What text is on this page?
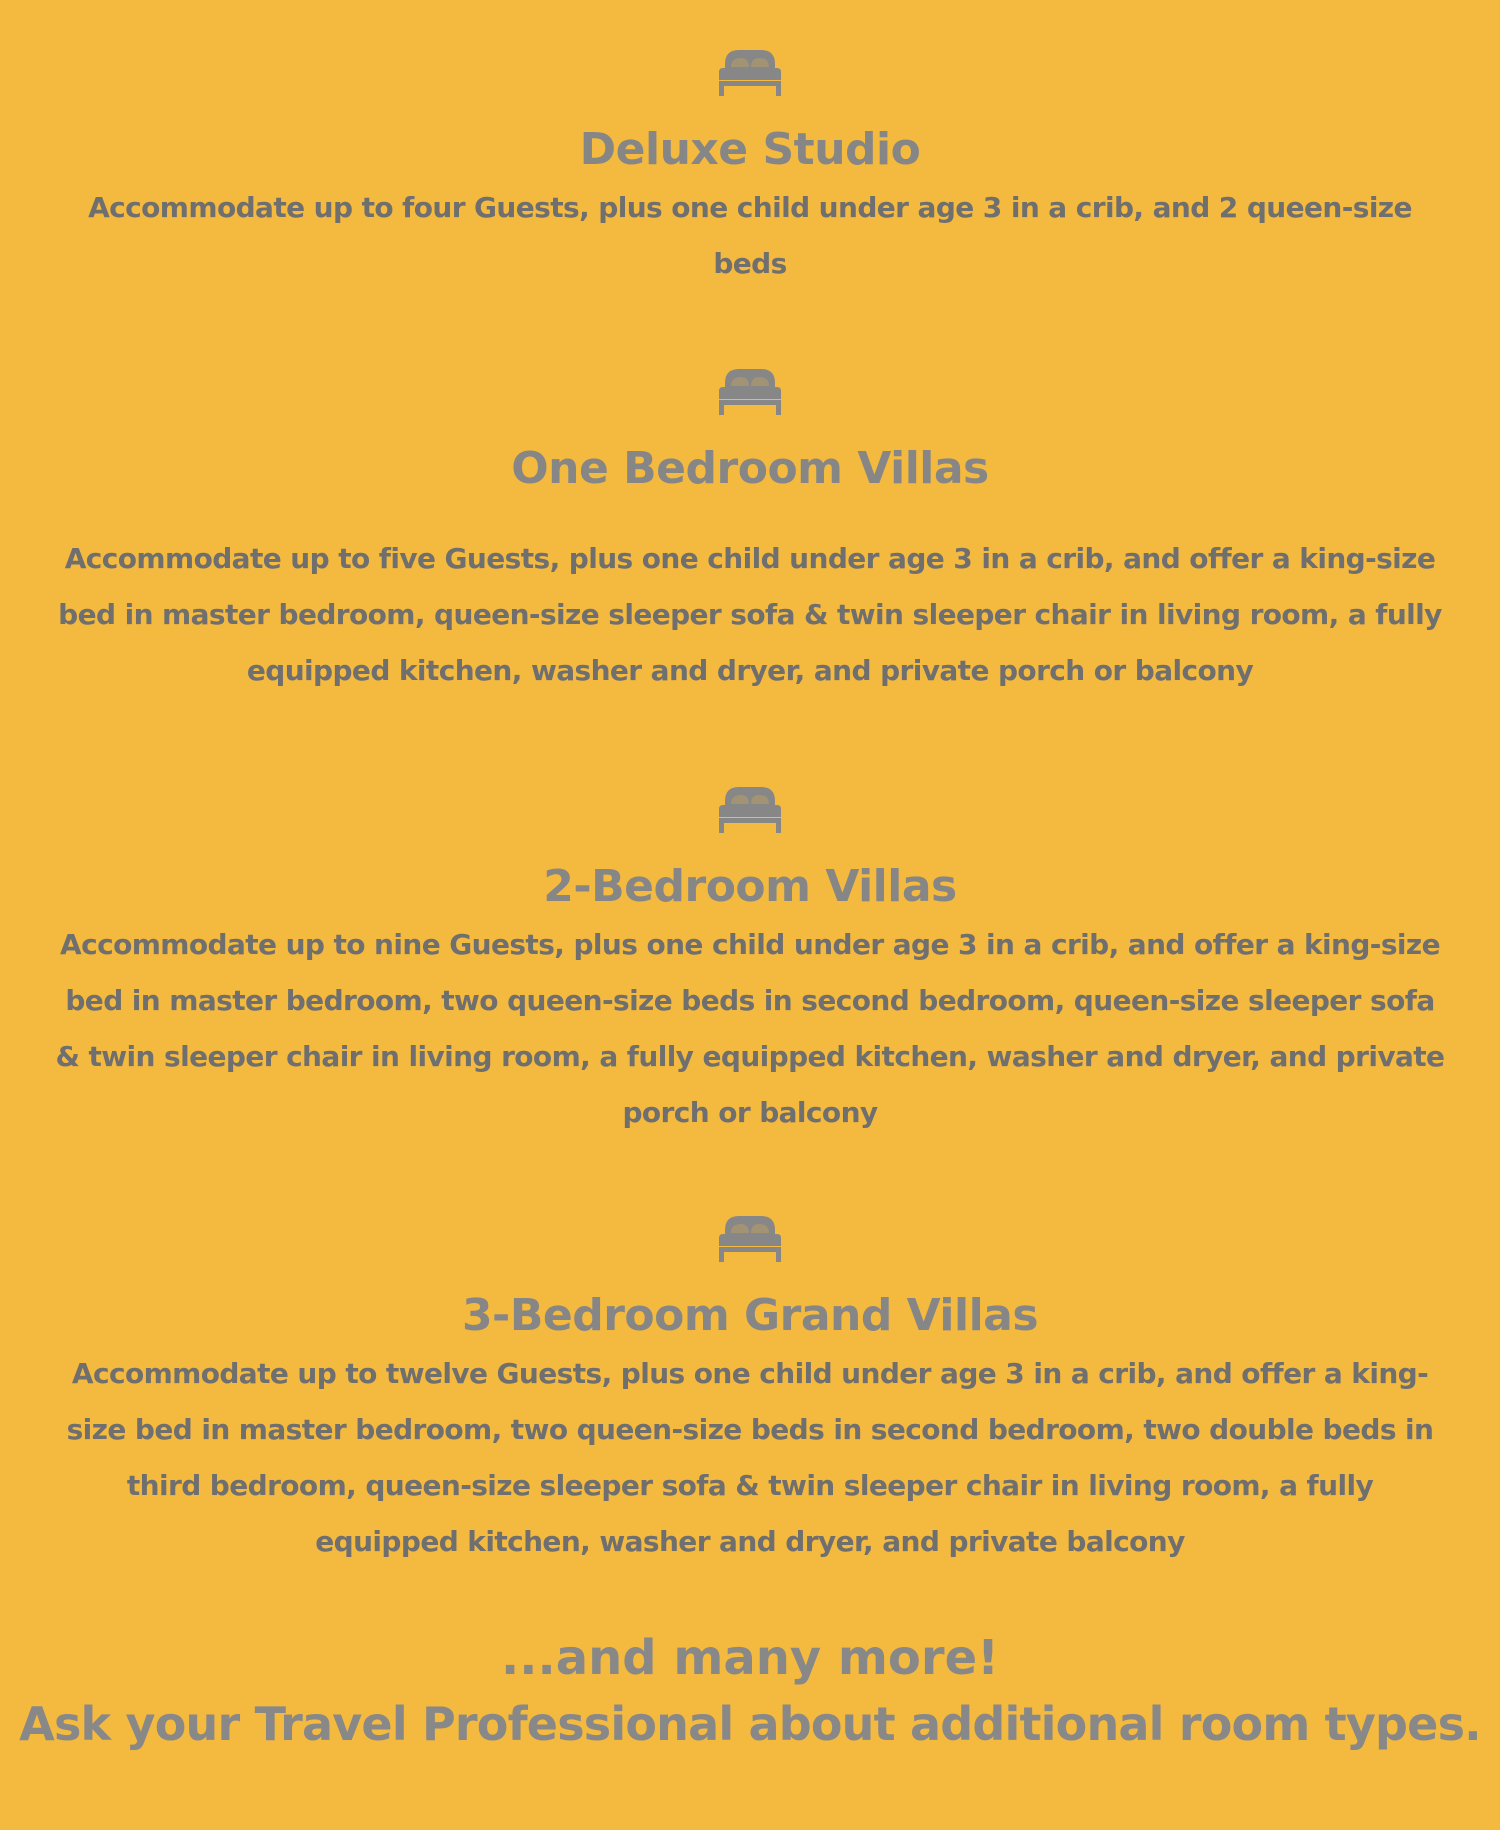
Deluxe Studio
Accommodate up to four Guests, plus one child under age 3 in a crib, and 2 queen-size beds
One Bedroom Villas
Accommodate up to five Guests, plus one child under age 3 in a crib, and offer a king-size bed in master bedroom, queen-size sleeper sofa & twin sleeper chair in living room, a fully equipped kitchen, washer and dryer, and private porch or balcony
2-Bedroom Villas
Accommodate up to nine Guests, plus one child under age 3 in a crib, and offer a king-size bed in master bedroom, two queen-size beds in second bedroom, queen-size sleeper sofa & twin sleeper chair in living room, a fully equipped kitchen, washer and dryer, and private porch or balcony
3-Bedroom Grand Villas
Accommodate up to twelve Guests, plus one child under age 3 in a crib, and offer a king-size bed in master bedroom, two queen-size beds in second bedroom, two double beds in third bedroom, queen-size sleeper sofa & twin sleeper chair in living room, a fully equipped kitchen, washer and dryer, and private balcony
...and many more!
Ask your Travel Professional about additional room types.
